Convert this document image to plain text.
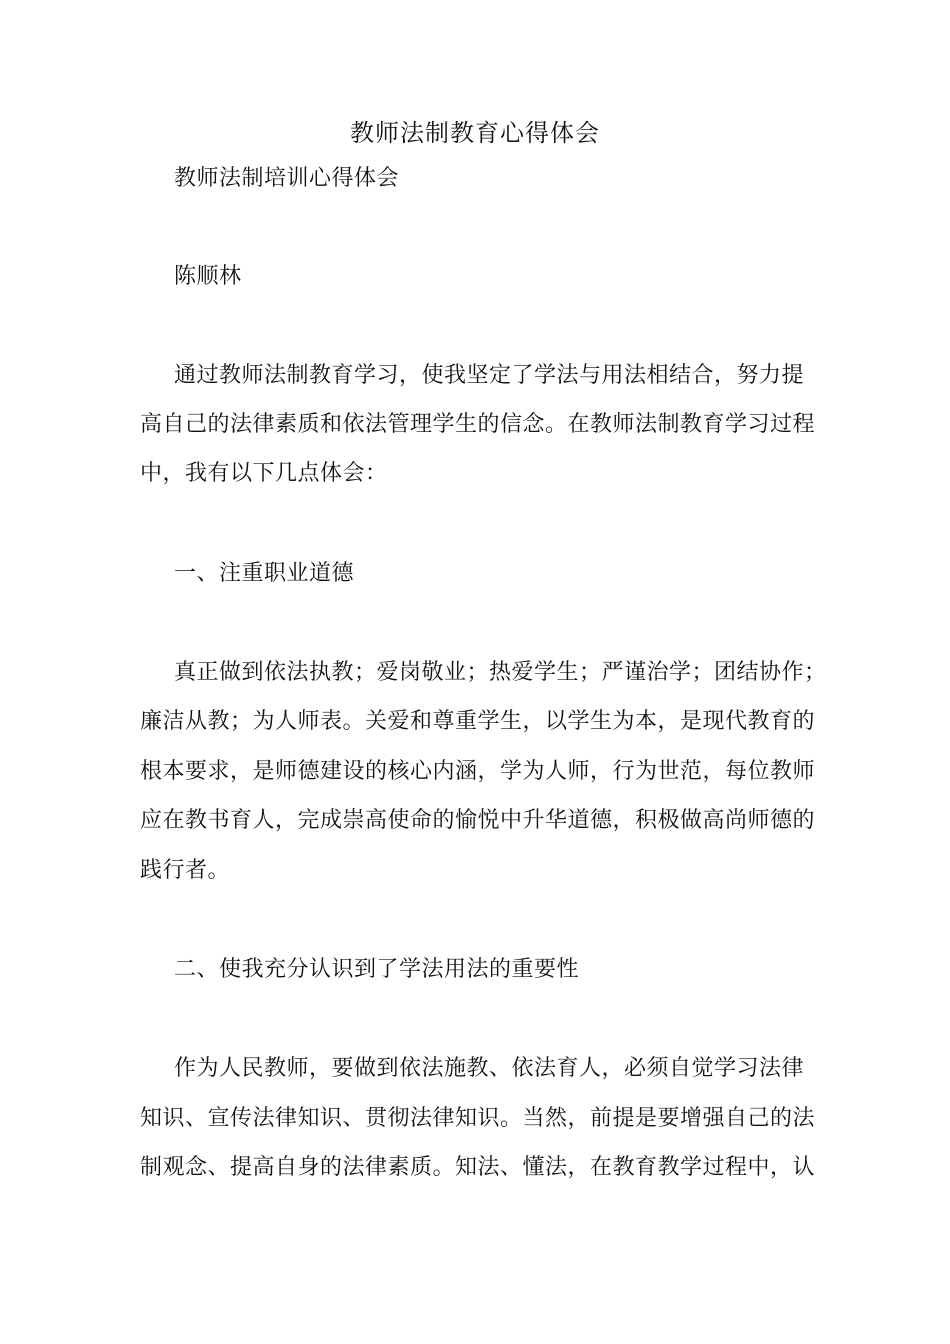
教师法制教育心得体会
教师法制培训心得体会
陈顺林
通过教师法制教育学习，使我坚定了学法与用法相结合，努力提
高自己的法律素质和依法管理学生的信念。在教师法制教育学习过程
中，我有以下几点体会：
一、注重职业道德
真正做到依法执教；爱岗敬业；热爱学生；严谨治学；团结协作；
廉洁从教；为人师表。关爱和尊重学生，以学生为本，是现代教育的
根本要求，是师德建设的核心内涵，学为人师，行为世范，每位教师
应在教书育人，完成崇高使命的愉悦中升华道德，积极做高尚师德的
践行者。
二、使我充分认识到了学法用法的重要性
作为人民教师，要做到依法施教、依法育人，必须自觉学习法律
知识、宣传法律知识、贯彻法律知识。当然，前提是要增强自己的法
制观念、提高自身的法律素质。知法、懂法，在教育教学过程中，认
